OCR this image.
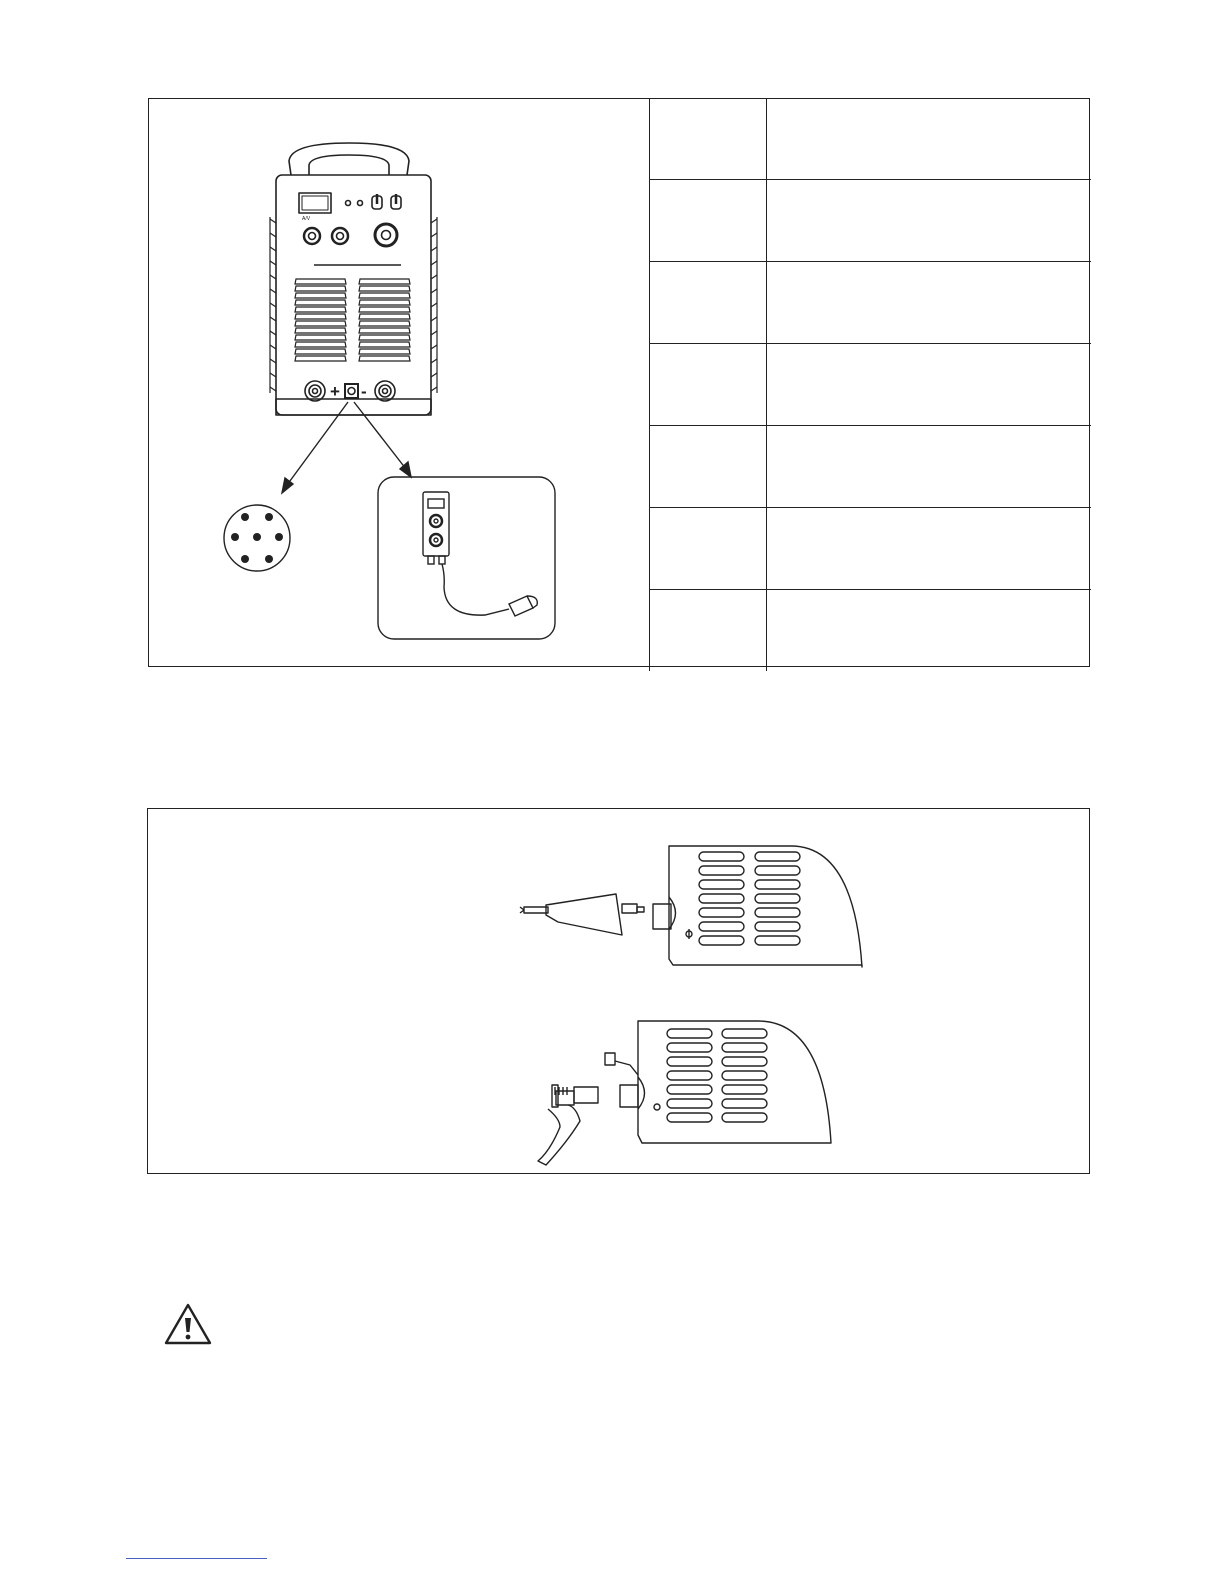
A/V
+ -
